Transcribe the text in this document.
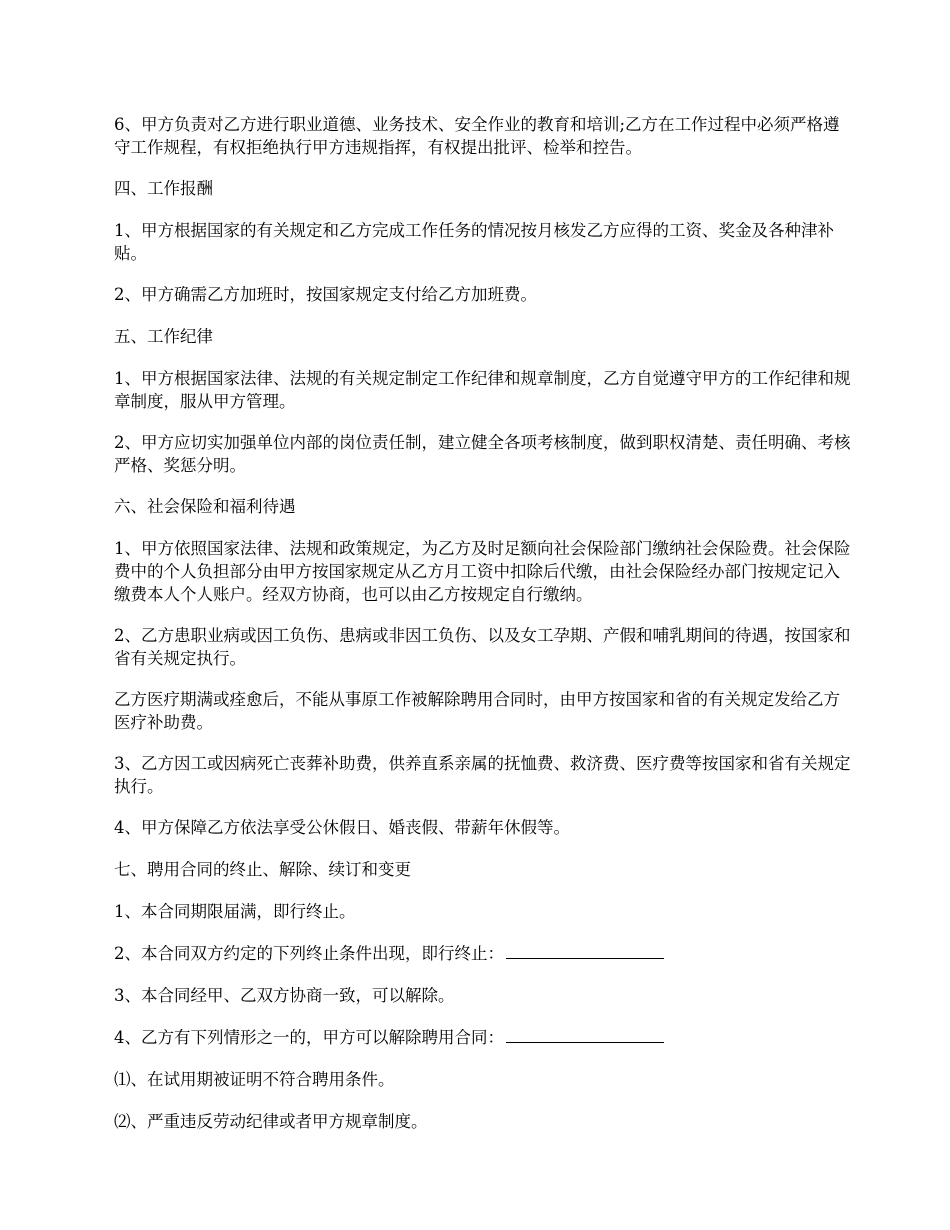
6、甲方负责对乙方进行职业道德、业务技术、安全作业的教育和培训;乙方在工作过程中必须严格遵守工作规程，有权拒绝执行甲方违规指挥，有权提出批评、检举和控告。

四、工作报酬

1、甲方根据国家的有关规定和乙方完成工作任务的情况按月核发乙方应得的工资、奖金及各种津补贴。

2、甲方确需乙方加班时，按国家规定支付给乙方加班费。

五、工作纪律

1、甲方根据国家法律、法规的有关规定制定工作纪律和规章制度，乙方自觉遵守甲方的工作纪律和规章制度，服从甲方管理。

2、甲方应切实加强单位内部的岗位责任制，建立健全各项考核制度，做到职权清楚、责任明确、考核严格、奖惩分明。

六、社会保险和福利待遇

1、甲方依照国家法律、法规和政策规定，为乙方及时足额向社会保险部门缴纳社会保险费。社会保险费中的个人负担部分由甲方按国家规定从乙方月工资中扣除后代缴，由社会保险经办部门按规定记入缴费本人个人账户。经双方协商，也可以由乙方按规定自行缴纳。

2、乙方患职业病或因工负伤、患病或非因工负伤、以及女工孕期、产假和哺乳期间的待遇，按国家和省有关规定执行。

乙方医疗期满或痊愈后，不能从事原工作被解除聘用合同时，由甲方按国家和省的有关规定发给乙方医疗补助费。

3、乙方因工或因病死亡丧葬补助费，供养直系亲属的抚恤费、救济费、医疗费等按国家和省有关规定执行。

4、甲方保障乙方依法享受公休假日、婚丧假、带薪年休假等。

七、聘用合同的终止、解除、续订和变更

1、本合同期限届满，即行终止。

2、本合同双方约定的下列终止条件出现，即行终止：

3、本合同经甲、乙双方协商一致，可以解除。

4、乙方有下列情形之一的，甲方可以解除聘用合同：

⑴、在试用期被证明不符合聘用条件。

⑵、严重违反劳动纪律或者甲方规章制度。
